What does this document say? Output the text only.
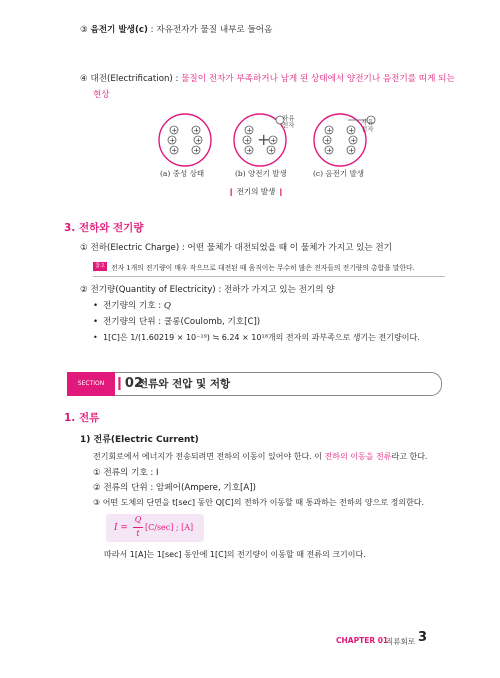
③ 음전기 발생(c) : 자유전자가 물질 내부로 들어옴
④ 대전(Electrification) : 물질이 전자가 부족하거나 남게 된 상태에서 양전기나 음전기를 띠게 되는
현상
+ +
+	+
+ +
+
+
+	+
+ +
+ +
+	+
+ +
자유
전자	자유
전자
(a) 중성 상태	(b) 양전기 발생	(c) 음전기 발생
❙ 전기의 발생 ❙
3. 전하와 전기량
① 전하(Electric Charge) : 어떤 물체가 대전되었을 때 이 물체가 가지고 있는 전기
참고 전자 1개의 전기량이 매우 작으므로 대전된 때 움직이는 무수히 많은 전자들의 전기량의 총합을 말한다.
② 전기량(Quantity of Electricity) : 전하가 가지고 있는 전기의 양
• 전기량의 기호 : Q
• 전기량의 단위 : 쿨롱(Coulomb, 기호[C])
• 1[C]은 1/(1.60219 × 10⁻¹⁹) ≒ 6.24 × 10¹⁸개의 전자의 과부족으로 생기는 전기량이다.
SECTION ❙02
전류와 전압 및 저항
1. 전류
1) 전류(Electric Current)
전기회로에서 에너지가 전송되려면 전하의 이동이 있어야 한다. 이 전하의 이동을 전류라고 한다.
① 전류의 기호 : I
② 전류의 단위 : 암페어(Ampere, 기호[A])
③ 어떤 도체의 단면을 t[sec] 동안 Q[C]의 전하가 이동할 때 통과하는 전하의 양으로 정의한다.
I =
Q
t
[C/sec] ; [A]
따라서 1[A]는 1[sec] 동안에 1[C]의 전기량이 이동할 때 전류의 크기이다.
CHAPTER 01
직류회로 3
